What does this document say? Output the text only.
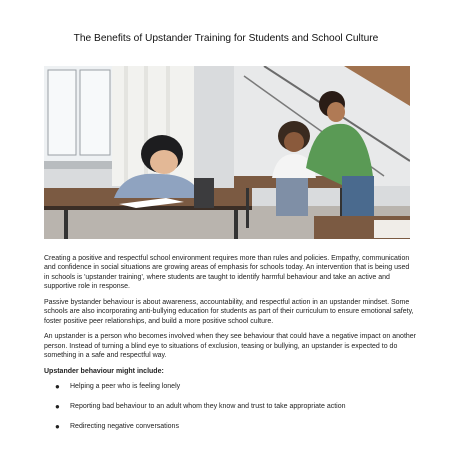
The Benefits of Upstander Training for Students and School Culture

Creating a positive and respectful school environment requires more than rules and policies. Empathy, communication and confidence in social situations are growing areas of emphasis for schools today. An intervention that is being used in schools is 'upstander training', where students are taught to identify harmful behaviour and take an active and supportive role in response.

Passive bystander behaviour is about awareness, accountability, and respectful action in an upstander mindset. Some schools are also incorporating anti-bullying education for students as part of their curriculum to ensure emotional safety, foster positive peer relationships, and build a more positive school culture.

An upstander is a person who becomes involved when they see behaviour that could have a negative impact on another person. Instead of turning a blind eye to situations of exclusion, teasing or bullying, an upstander is expected to do something in a safe and respectful way.

Upstander behaviour might include:
● Helping a peer who is feeling lonely
● Reporting bad behaviour to an adult whom they know and trust to take appropriate action
● Redirecting negative conversations
